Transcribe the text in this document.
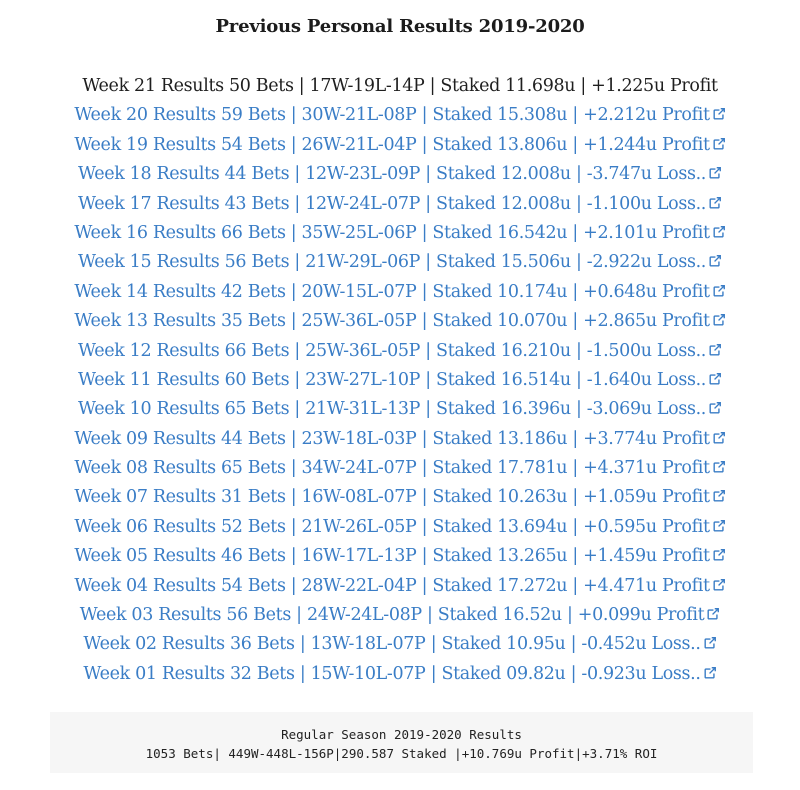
Previous Personal Results 2019-2020
Week 21 Results 50 Bets | 17W-19L-14P | Staked 11.698u | +1.225u Profit
Week 20 Results 59 Bets | 30W-21L-08P | Staked 15.308u | +2.212u Profit
Week 19 Results 54 Bets | 26W-21L-04P | Staked 13.806u | +1.244u Profit
Week 18 Results 44 Bets | 12W-23L-09P | Staked 12.008u | -3.747u Loss..
Week 17 Results 43 Bets | 12W-24L-07P | Staked 12.008u | -1.100u Loss..
Week 16 Results 66 Bets | 35W-25L-06P | Staked 16.542u | +2.101u Profit
Week 15 Results 56 Bets | 21W-29L-06P | Staked 15.506u | -2.922u Loss..
Week 14 Results 42 Bets | 20W-15L-07P | Staked 10.174u | +0.648u Profit
Week 13 Results 35 Bets | 25W-36L-05P | Staked 10.070u | +2.865u Profit
Week 12 Results 66 Bets | 25W-36L-05P | Staked 16.210u | -1.500u Loss..
Week 11 Results 60 Bets | 23W-27L-10P | Staked 16.514u | -1.640u Loss..
Week 10 Results 65 Bets | 21W-31L-13P | Staked 16.396u | -3.069u Loss..
Week 09 Results 44 Bets | 23W-18L-03P | Staked 13.186u | +3.774u Profit
Week 08 Results 65 Bets | 34W-24L-07P | Staked 17.781u | +4.371u Profit
Week 07 Results 31 Bets | 16W-08L-07P | Staked 10.263u | +1.059u Profit
Week 06 Results 52 Bets | 21W-26L-05P | Staked 13.694u | +0.595u Profit
Week 05 Results 46 Bets | 16W-17L-13P | Staked 13.265u | +1.459u Profit
Week 04 Results 54 Bets | 28W-22L-04P | Staked 17.272u | +4.471u Profit
Week 03 Results 56 Bets | 24W-24L-08P | Staked 16.52u | +0.099u Profit
Week 02 Results 36 Bets | 13W-18L-07P | Staked 10.95u | -0.452u Loss..
Week 01 Results 32 Bets | 15W-10L-07P | Staked 09.82u | -0.923u Loss..
Regular Season 2019-2020 Results
1053 Bets| 449W-448L-156P|290.587 Staked |+10.769u Profit|+3.71% ROI
